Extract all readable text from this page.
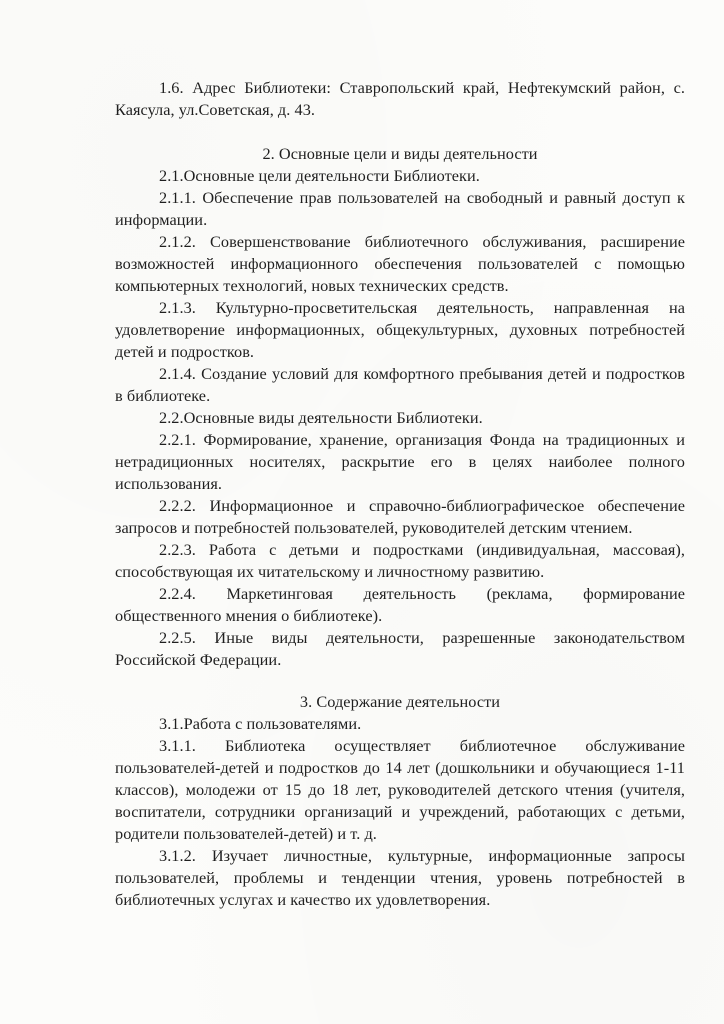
1.6. Адрес Библиотеки: Ставропольский край, Нефтекумский район, с. Каясула, ул.Советская, д. 43.

2. Основные цели и виды деятельности

2.1.Основные цели деятельности Библиотеки.

2.1.1. Обеспечение прав пользователей на свободный и равный доступ к информации.

2.1.2. Совершенствование библиотечного обслуживания, расширение возможностей информационного обеспечения пользователей с помощью компьютерных технологий, новых технических средств.

2.1.3. Культурно-просветительская деятельность, направленная на удовлетворение информационных, общекультурных, духовных потребностей детей и подростков.

2.1.4. Создание условий для комфортного пребывания детей и подростков в библиотеке.

2.2.Основные виды деятельности Библиотеки.

2.2.1. Формирование, хранение, организация Фонда на традиционных и нетрадиционных носителях, раскрытие его в целях наиболее полного использования.

2.2.2. Информационное и справочно-библиографическое обеспечение запросов и потребностей пользователей, руководителей детским чтением.

2.2.3. Работа с детьми и подростками (индивидуальная, массовая), способствующая их читательскому и личностному развитию.

2.2.4. Маркетинговая деятельность (реклама, формирование общественного мнения о библиотеке).

2.2.5. Иные виды деятельности, разрешенные законодательством Российской Федерации.

3. Содержание деятельности

3.1.Работа с пользователями.

3.1.1. Библиотека осуществляет библиотечное обслуживание пользователей-детей и подростков до 14 лет (дошкольники и обучающиеся 1-11 классов), молодежи от 15 до 18 лет, руководителей детского чтения (учителя, воспитатели, сотрудники организаций и учреждений, работающих с детьми, родители пользователей-детей) и т. д.

3.1.2. Изучает личностные, культурные, информационные запросы пользователей, проблемы и тенденции чтения, уровень потребностей в библиотечных услугах и качество их удовлетворения.
